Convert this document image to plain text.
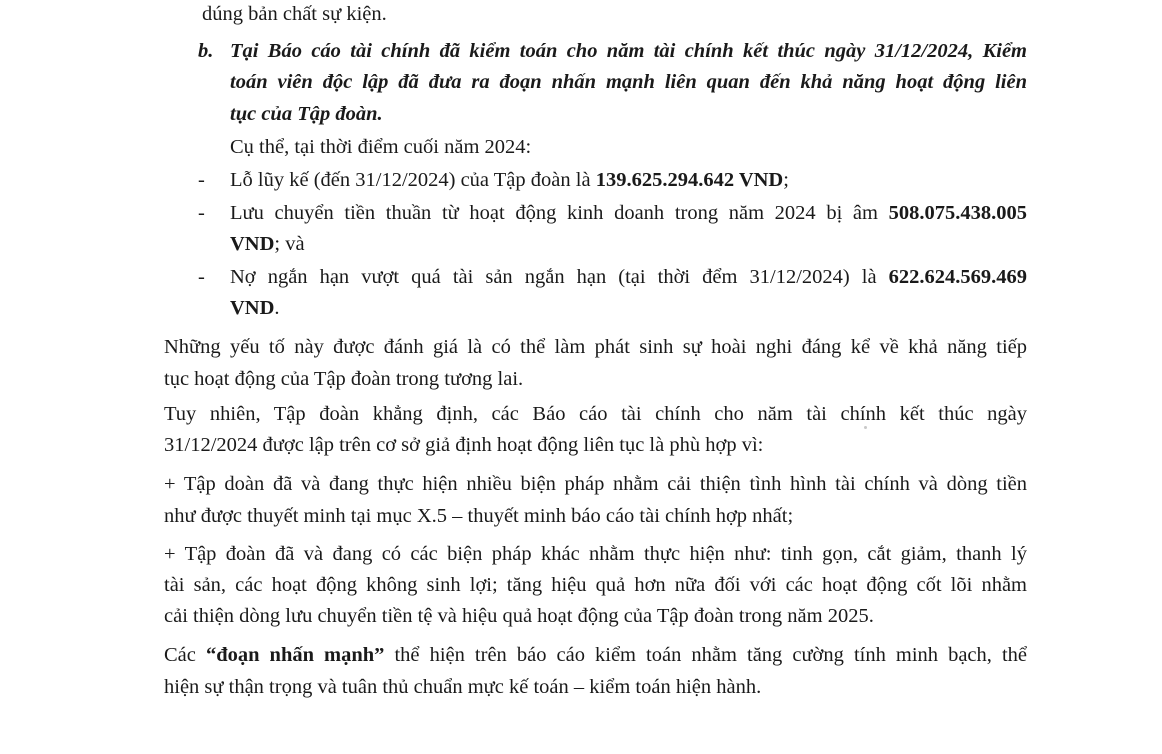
dúng bản chất sự kiện.
b. Tại Báo cáo tài chính đã kiểm toán cho năm tài chính kết thúc ngày 31/12/2024, Kiểm
toán viên độc lập đã đưa ra đoạn nhấn mạnh liên quan đến khả năng hoạt động liên
tục của Tập đoàn.
Cụ thể, tại thời điểm cuối năm 2024:
- Lỗ lũy kế (đến 31/12/2024) của Tập đoàn là 139.625.294.642 VND;
- Lưu chuyển tiền thuần từ hoạt động kinh doanh trong năm 2024 bị âm 508.075.438.005
VND; và
- Nợ ngắn hạn vượt quá tài sản ngắn hạn (tại thời đểm 31/12/2024) là 622.624.569.469
VND.
Những yếu tố này được đánh giá là có thể làm phát sinh sự hoài nghi đáng kể về khả năng tiếp
tục hoạt động của Tập đoàn trong tương lai.
Tuy nhiên, Tập đoàn khẳng định, các Báo cáo tài chính cho năm tài chính kết thúc ngày
31/12/2024 được lập trên cơ sở giả định hoạt động liên tục là phù hợp vì:
+ Tập doàn đã và đang thực hiện nhiều biện pháp nhằm cải thiện tình hình tài chính và dòng tiền
như được thuyết minh tại mục X.5 – thuyết minh báo cáo tài chính hợp nhất;
+ Tập đoàn đã và đang có các biện pháp khác nhằm thực hiện như: tinh gọn, cắt giảm, thanh lý
tài sản, các hoạt động không sinh lợi; tăng hiệu quả hơn nữa đối với các hoạt động cốt lõi nhằm
cải thiện dòng lưu chuyển tiền tệ và hiệu quả hoạt động của Tập đoàn trong năm 2025.
Các “đoạn nhấn mạnh” thể hiện trên báo cáo kiểm toán nhằm tăng cường tính minh bạch, thể
hiện sự thận trọng và tuân thủ chuẩn mực kế toán – kiểm toán hiện hành.
